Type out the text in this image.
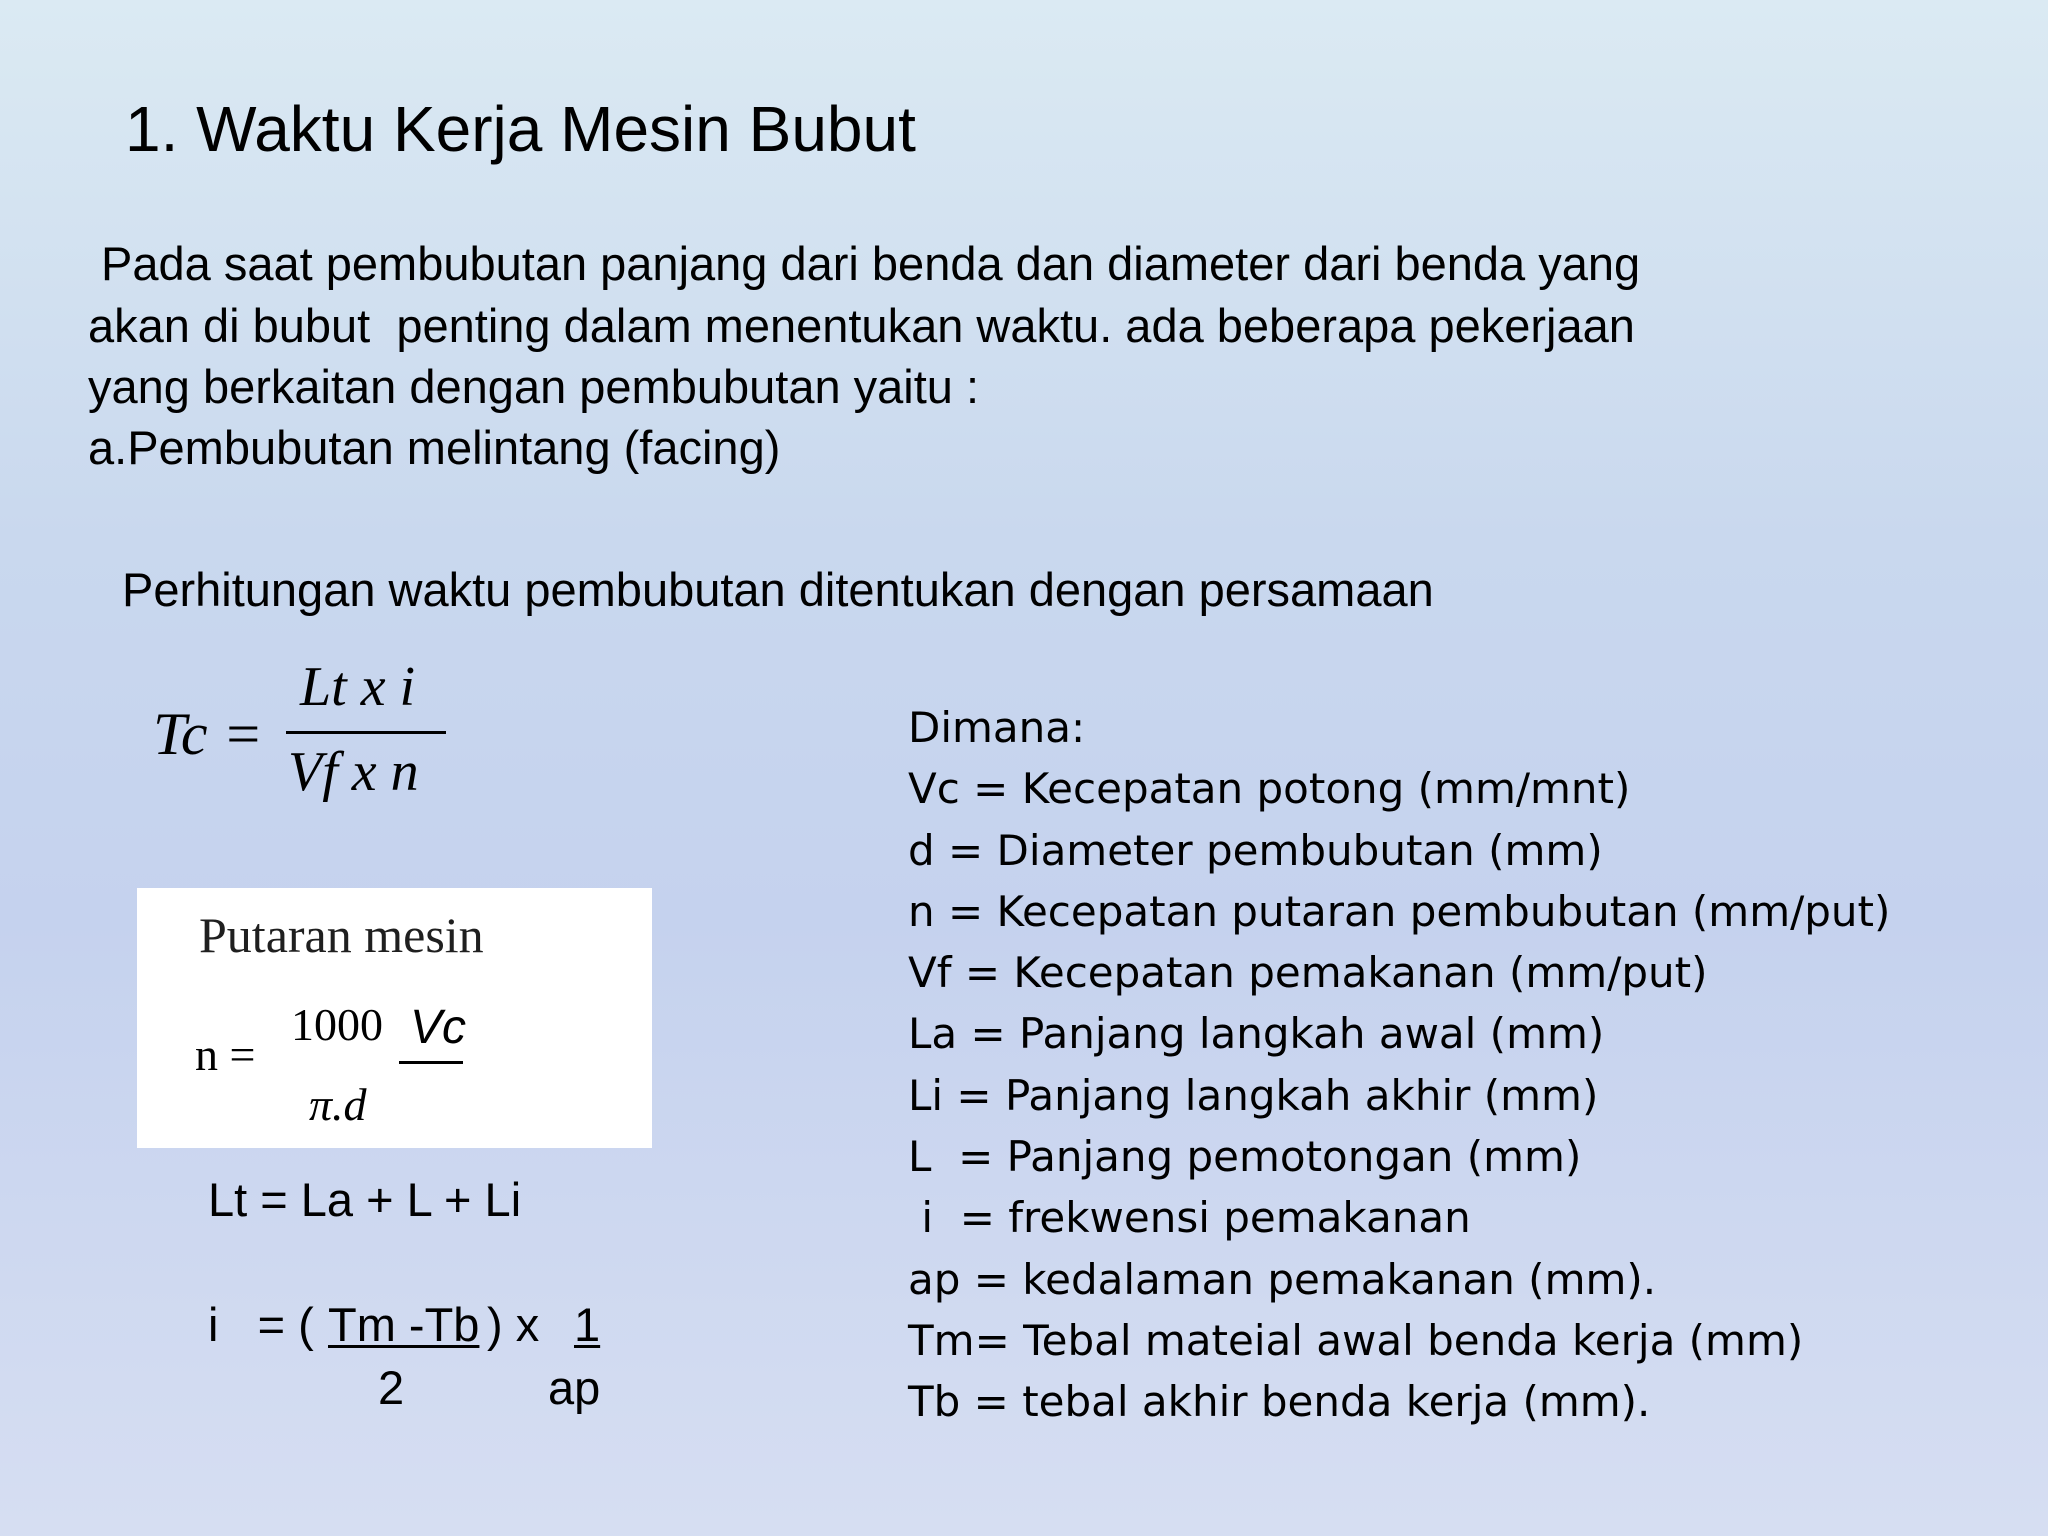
1. Waktu Kerja Mesin Bubut
Pada saat pembubutan panjang dari benda dan diameter dari benda yang
akan di bubut  penting dalam menentukan waktu. ada beberapa pekerjaan
yang berkaitan dengan pembubutan yaitu :
a.Pembubutan melintang (facing)
Perhitungan waktu pembubutan ditentukan dengan persamaan
Tc =
Lt x i
Vf x n
Putaran mesin
n =
1000 Vc
π.d
Lt = La + L + Li
i   = ( Tm -Tb ) x 1
2	ap
Dimana:
Vc = Kecepatan potong (mm/mnt)
d = Diameter pembubutan (mm)
n = Kecepatan putaran pembubutan (mm/put)
Vf = Kecepatan pemakanan (mm/put)
La = Panjang langkah awal (mm)
Li = Panjang langkah akhir (mm)
L  = Panjang pemotongan (mm)
i  = frekwensi pemakanan
ap = kedalaman pemakanan (mm).
Tm= Tebal mateial awal benda kerja (mm)
Tb = tebal akhir benda kerja (mm).
